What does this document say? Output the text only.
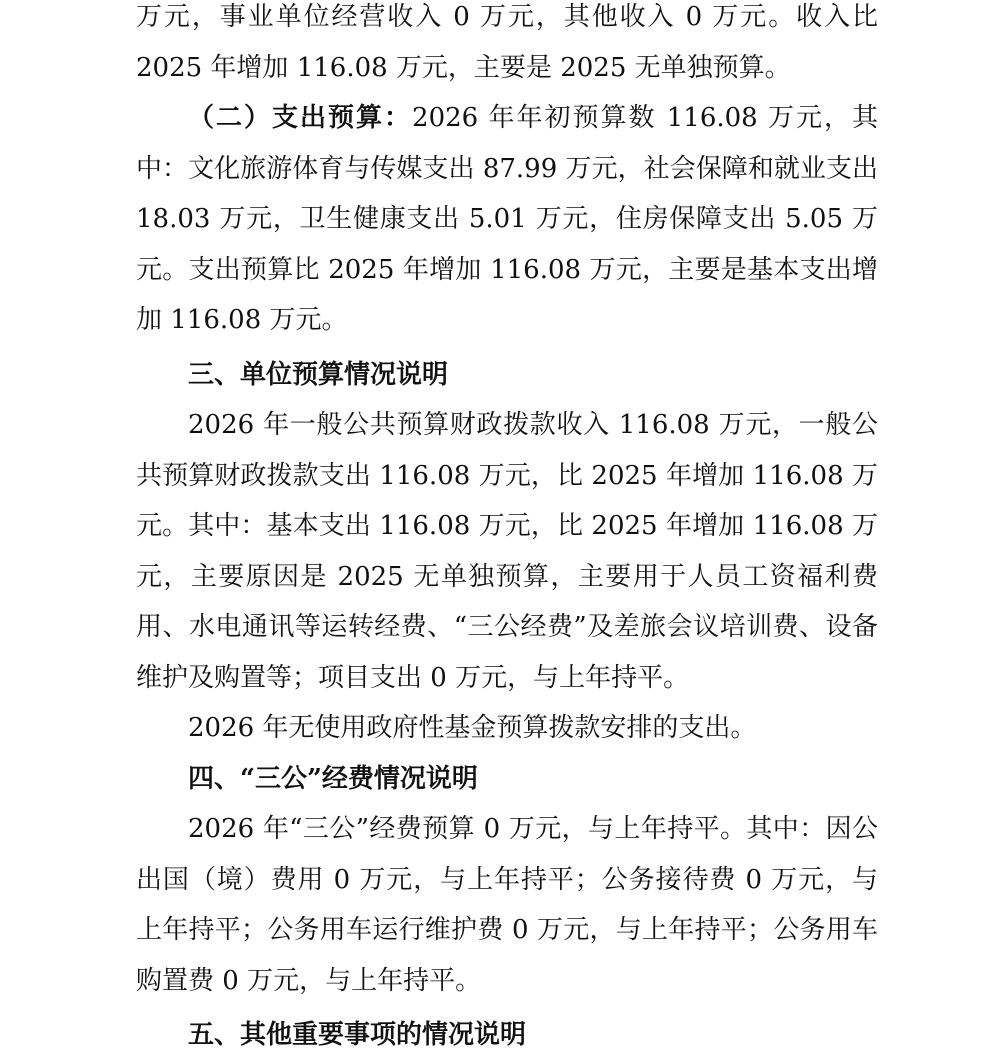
万元，事业单位经营收入 0 万元，其他收入 0 万元。收入比 2025 年增加 116.08 万元，主要是 2025 无单独预算。

（二）支出预算：2026 年年初预算数 116.08 万元，其中：文化旅游体育与传媒支出 87.99 万元，社会保障和就业支出 18.03 万元，卫生健康支出 5.01 万元，住房保障支出 5.05 万元。支出预算比 2025 年增加 116.08 万元，主要是基本支出增加 116.08 万元。

三、单位预算情况说明

2026 年一般公共预算财政拨款收入 116.08 万元，一般公共预算财政拨款支出 116.08 万元，比 2025 年增加 116.08 万元。其中：基本支出 116.08 万元，比 2025 年增加 116.08 万元，主要原因是 2025 无单独预算，主要用于人员工资福利费用、水电通讯等运转经费、“三公经费”及差旅会议培训费、设备维护及购置等；项目支出 0 万元，与上年持平。

2026 年无使用政府性基金预算拨款安排的支出。

四、“三公”经费情况说明

2026 年“三公”经费预算 0 万元，与上年持平。其中：因公出国（境）费用 0 万元，与上年持平；公务接待费 0 万元，与上年持平；公务用车运行维护费 0 万元，与上年持平；公务用车购置费 0 万元，与上年持平。

五、其他重要事项的情况说明
